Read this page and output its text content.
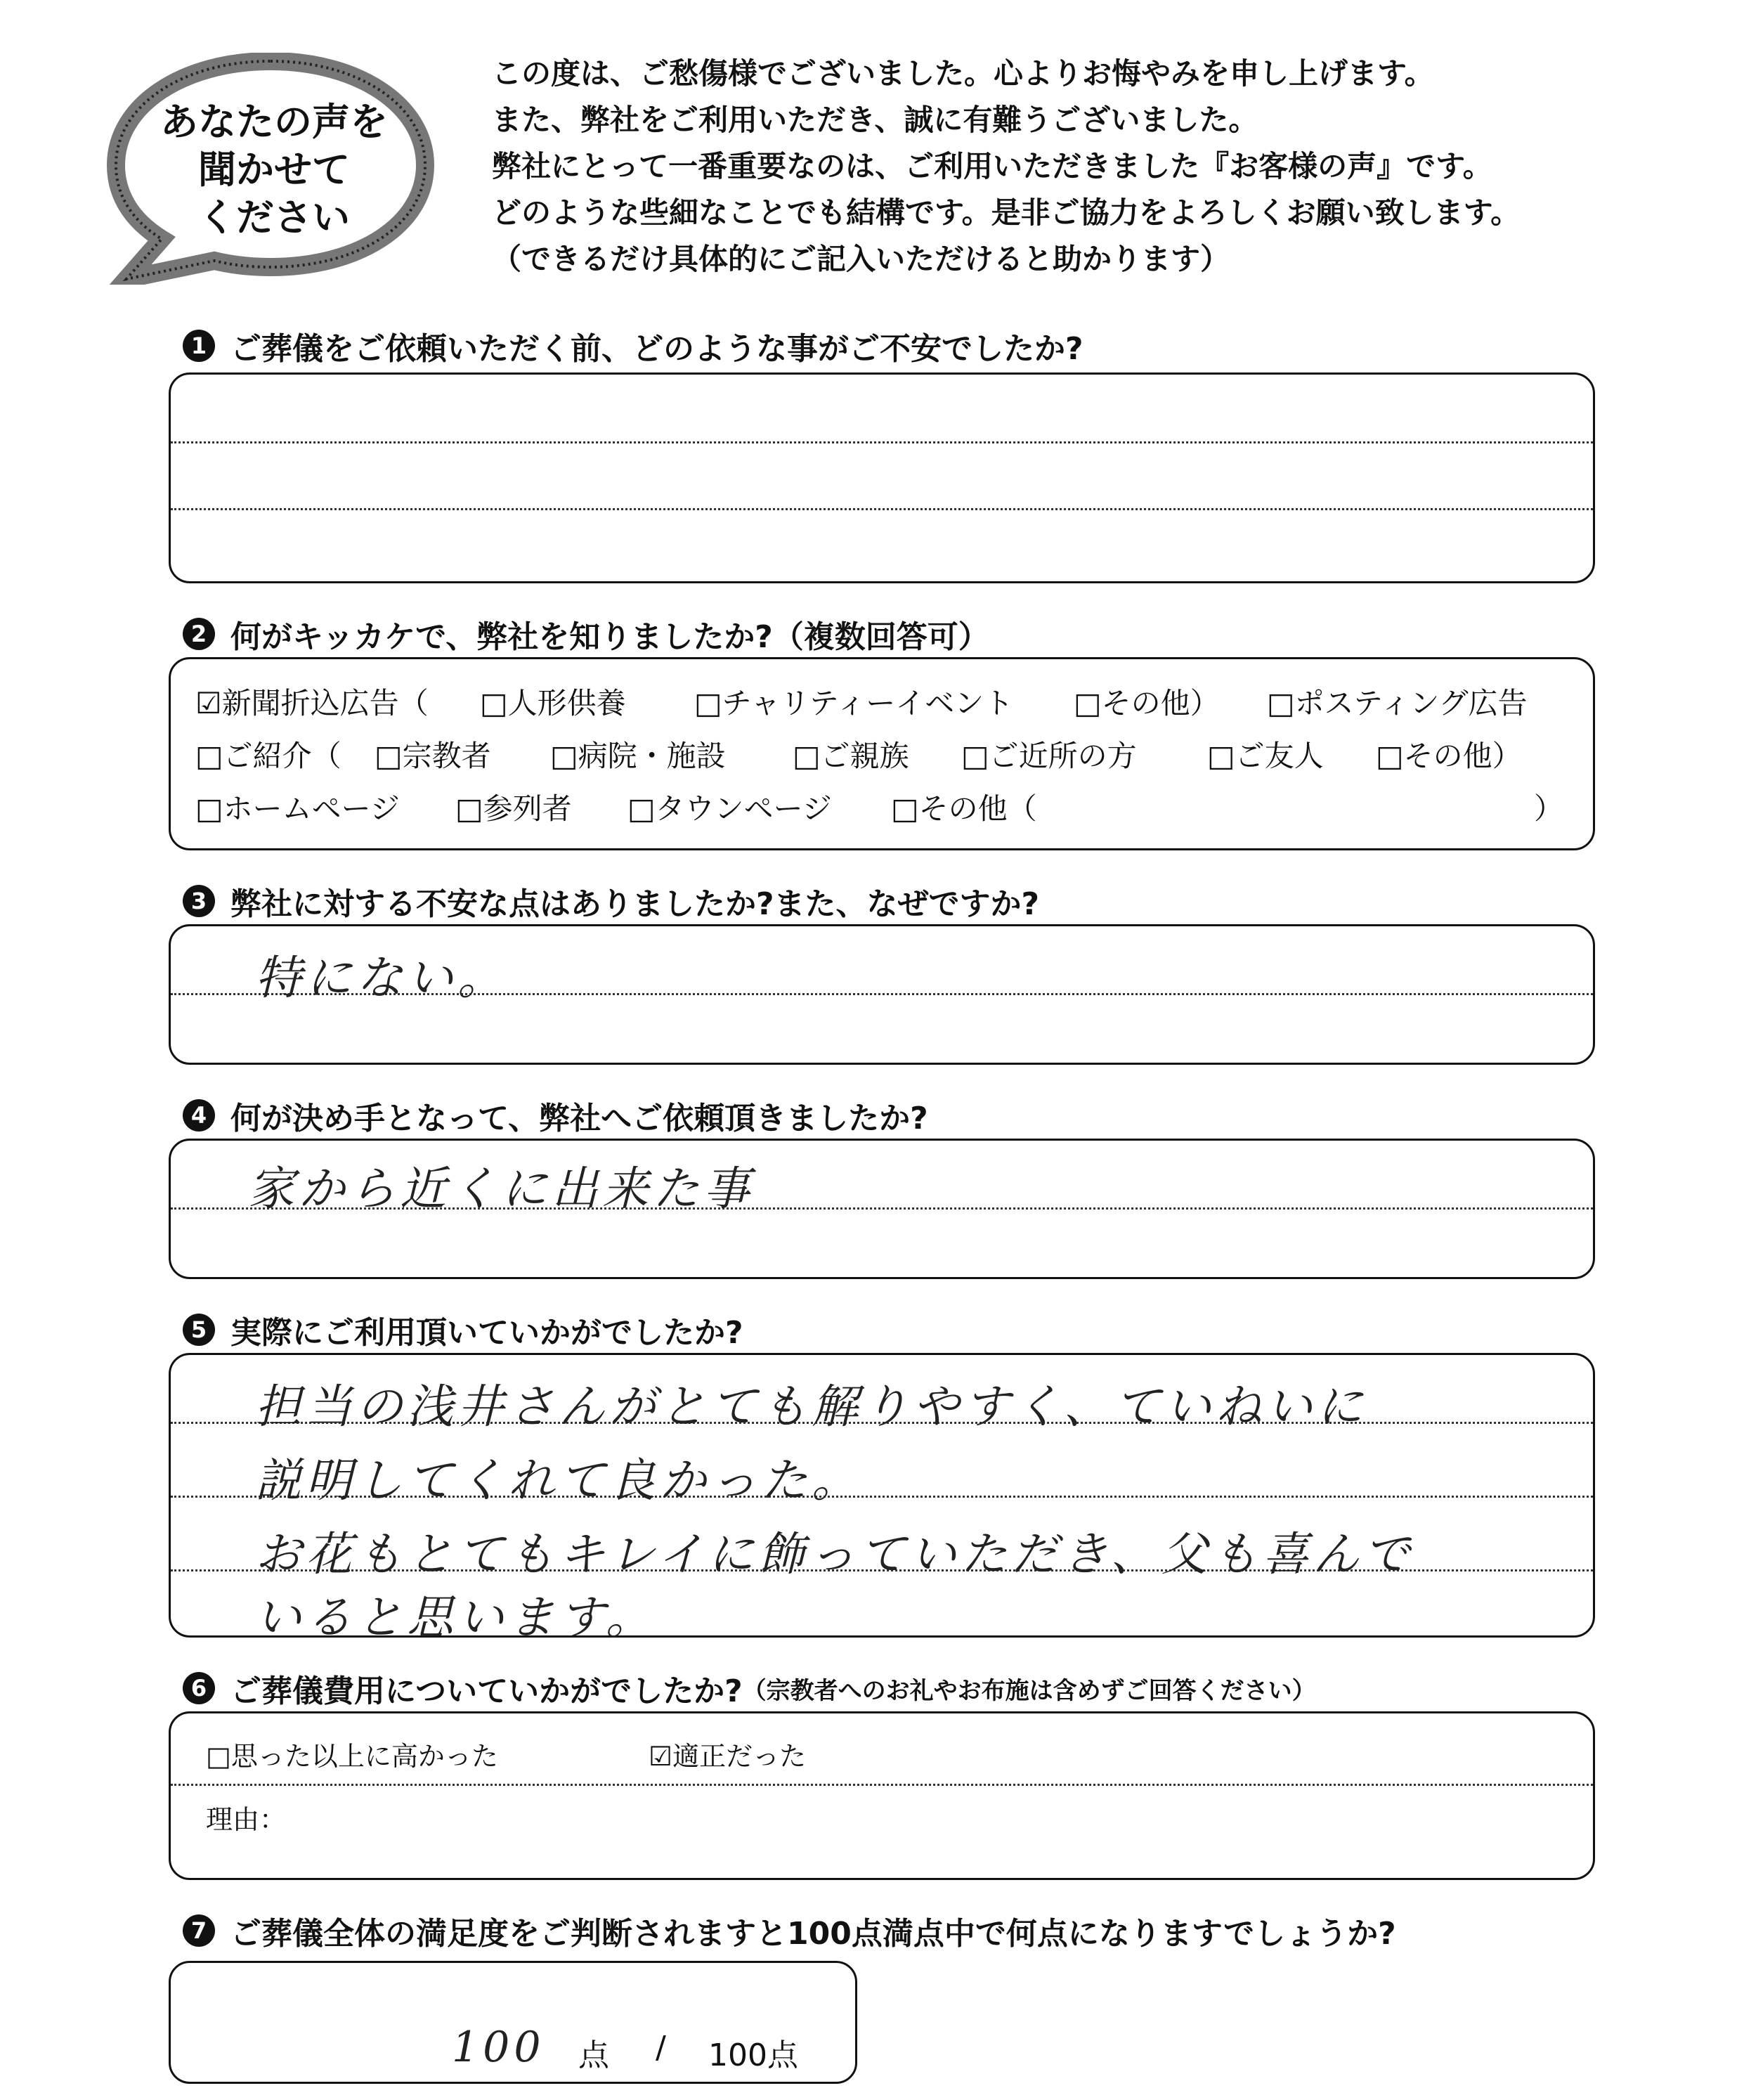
あなたの声を
聞かせて
ください
この度は、ご愁傷様でございました。心よりお悔やみを申し上げます。
また、弊社をご利用いただき、誠に有難うございました。
弊社にとって一番重要なのは、ご利用いただきました『お客様の声』です。
どのような些細なことでも結構です。是非ご協力をよろしくお願い致します。
（できるだけ具体的にご記入いただけると助かります）
1 ご葬儀をご依頼いただく前、どのような事がご不安でしたか?
2 何がキッカケで、弊社を知りましたか?（複数回答可）
☑新聞折込広告（ □人形供養 □チャリティーイベント □その他） □ポスティング広告
□ご紹介（ □宗教者 □病院・施設 □ご親族 □ご近所の方 □ご友人 □その他）
□ホームページ □参列者 □タウンページ □その他（	）
3 弊社に対する不安な点はありましたか?また、なぜですか?
特にない。
4 何が決め手となって、弊社へご依頼頂きましたか?
家から近くに出来た事
5 実際にご利用頂いていかがでしたか?
担当の浅井さんがとても解りやすく、ていねいに
説明してくれて良かった。
お花もとてもキレイに飾っていただき、父も喜んで
いると思います。
6 ご葬儀費用についていかがでしたか? （宗教者へのお礼やお布施は含めずご回答ください）
□思った以上に高かった	☑適正だった
理由：
7 ご葬儀全体の満足度をご判断されますと100点満点中で何点になりますでしょうか?
100 点 / 100点
